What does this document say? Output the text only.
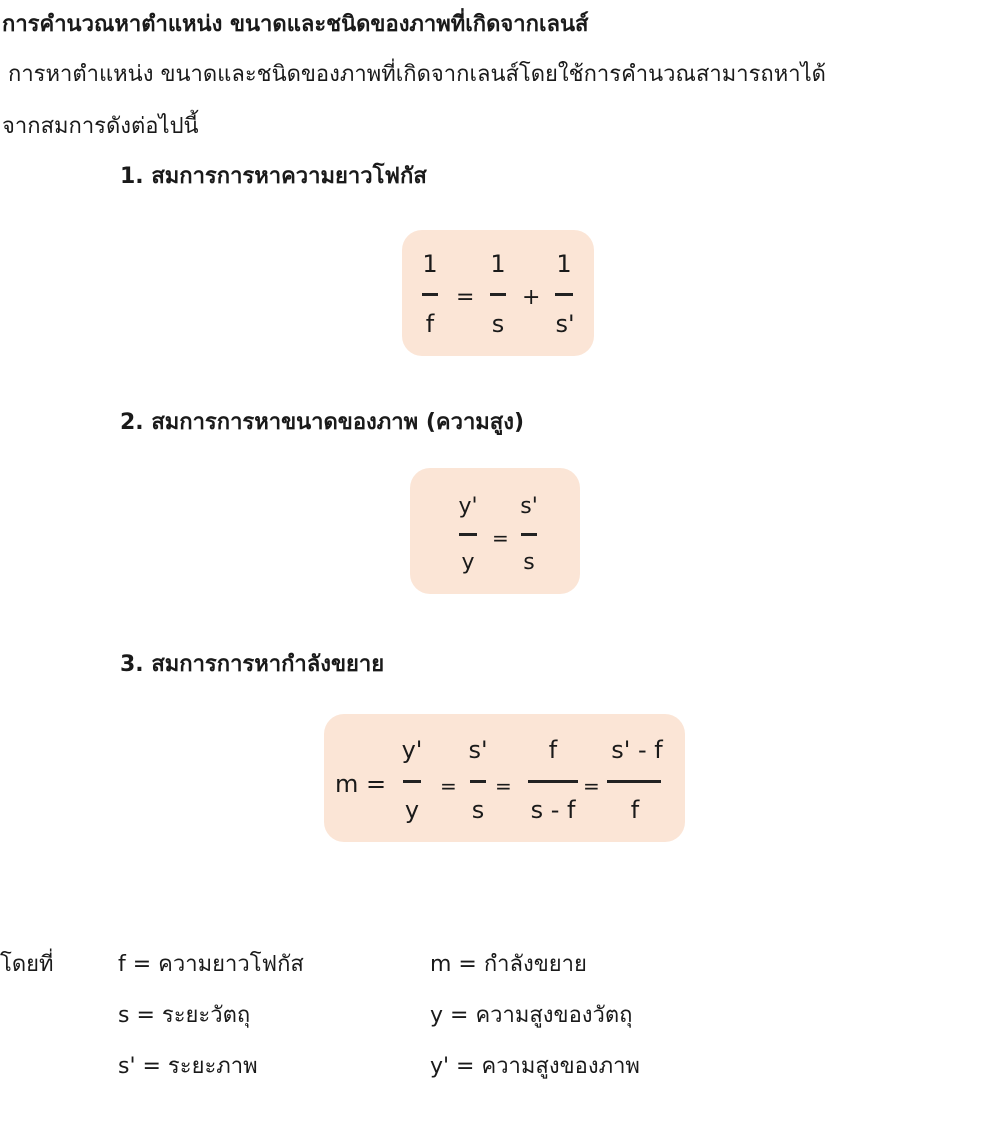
การคำนวณหาตำแหน่ง ขนาดและชนิดของภาพที่เกิดจากเลนส์
การหาตำแหน่ง ขนาดและชนิดของภาพที่เกิดจากเลนส์โดยใช้การคำนวณสามารถหาได้
จากสมการดังต่อไปนี้
1. สมการการหาความยาวโฟกัส
1
f
=
1
s
+
1
s'
2. สมการการหาขนาดของภาพ (ความสูง)
y'
y
=
s'
s
3. สมการการหากำลังขยาย
m =
y'
y
=
s'
s
=
f
s - f
=
s' - f
f
โดยที่	f = ความยาวโฟกัส
s = ระยะวัตถุ
s' = ระยะภาพ
m = กำลังขยาย
y = ความสูงของวัตถุ
y' = ความสูงของภาพ
